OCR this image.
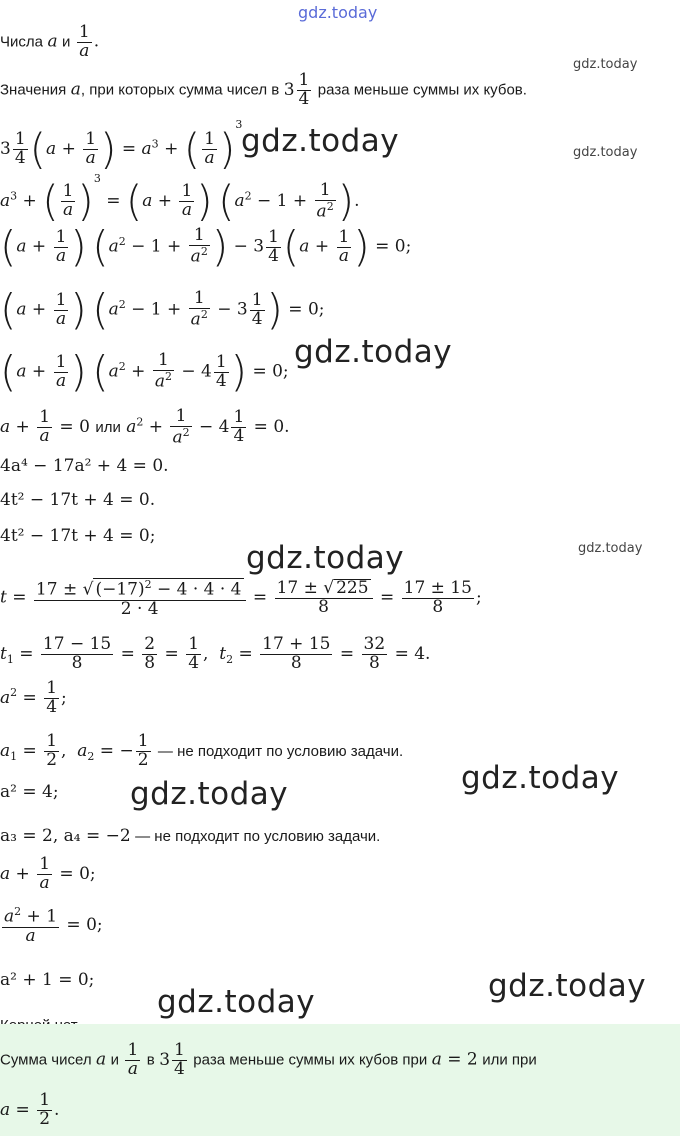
gdz.today
Числа a и $\frac{1}{a}$ .
gdz.today
Значения a, при которых сумма чисел в $3 \frac{1}{4}$ раза меньше суммы их кубов.
$3 \frac{1}{4} (a + \frac{1}{a}$ ) = $a^3$ + ( $\frac{1}{a} )^3$
gdz.today	gdz.today
$a^3$ + ( $\frac{1}{a} )^3 = (a + \frac{1}{a}$ ) ($a^2 - 1 + \frac{1}{a^2}$ ).
($a + \frac{1}{a}$ ) ($a^2 - 1 + \frac{1}{a^2}$ ) − $3 \frac{1}{4} (a + \frac{1}{a}$ ) = 0;
($a + \frac{1}{a}$ ) ($a^2 - 1 + \frac{1}{a^2} - 3 \frac{1}{4}$ ) = 0;
($a + \frac{1}{a}$ ) ($a^2 + \frac{1}{a^2} - 4 \frac{1}{4}$ ) = 0;
gdz.today
$a + \frac{1}{a} = 0$ или $a^2 + \frac{1}{a^2} - 4 \frac{1}{4} = 0$.
4a⁴ − 17a² + 4 = 0.
4t² − 17t + 4 = 0.
4t² − 17t + 4 = 0;
gdz.today
gdz.today
$t = \frac{17 \pm √ (-17)^2 - 4 \cdot 4 \cdot 4}{2 \cdot 4} = \frac{17 \pm √ 225}{8} = \frac{17 \pm 15}{8}$ ;
$t_1 = \frac{17 - 15}{8} = \frac{2}{8} = \frac{1}{4}$ ,  $t_2 = \frac{17 + 15}{8} = \frac{32}{8} = 4$.
$a^2 = \frac{1}{4}$ ;
$a_1 = \frac{1}{2}$ ,  $a_2$ = − $\frac{1}{2}$ — не подходит по условию задачи.
gdz.today
a² = 4; gdz.today
a₃ = 2, a₄ = −2 — не подходит по условию задачи.
$a + \frac{1}{a} = 0$;
$\frac{a^2 + 1}{a} = 0$;
a² + 1 = 0;	gdz.today
gdz.today
Сумма чисел a и $\frac{1}{a}$ в $3 \frac{1}{4}$ раза меньше суммы их кубов при a = 2 или при
$a = \frac{1}{2}$ .
